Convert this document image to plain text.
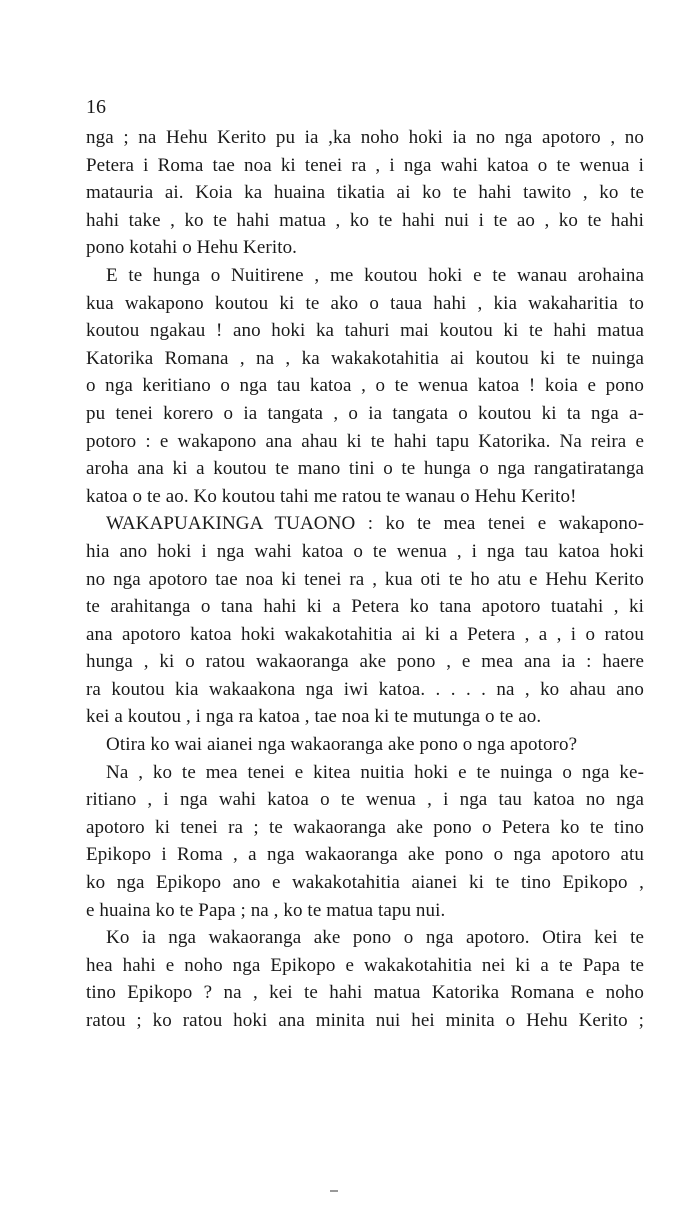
16
nga ; na Hehu Kerito pu ia ,ka noho hoki ia no nga apotoro , no
Petera i Roma tae noa ki tenei ra , i nga wahi katoa o te wenua i
matauria ai. Koia ka huaina tikatia ai ko te hahi tawito , ko te
hahi take , ko te hahi matua , ko te hahi nui i te ao , ko te hahi
pono kotahi o Hehu Kerito.
E te hunga o Nuitirene , me koutou hoki e te wanau arohaina
kua wakapono koutou ki te ako o taua hahi , kia wakaharitia to
koutou ngakau ! ano hoki ka tahuri mai koutou ki te hahi matua
Katorika Romana , na , ka wakakotahitia ai koutou ki te nuinga
o nga keritiano o nga tau katoa , o te wenua katoa ! koia e pono
pu tenei korero o ia tangata , o ia tangata o koutou ki ta nga a-
potoro : e wakapono ana ahau ki te hahi tapu Katorika. Na reira e
aroha ana ki a koutou te mano tini o te hunga o nga rangatiratanga
katoa o te ao. Ko koutou tahi me ratou te wanau o Hehu Kerito!
WAKAPUAKINGA TUAONO : ko te mea tenei e wakapono-
hia ano hoki i nga wahi katoa o te wenua , i nga tau katoa hoki
no nga apotoro tae noa ki tenei ra , kua oti te ho atu e Hehu Kerito
te arahitanga o tana hahi ki a Petera ko tana apotoro tuatahi , ki
ana apotoro katoa hoki wakakotahitia ai ki a Petera , a , i o ratou
hunga , ki o ratou wakaoranga ake pono , e mea ana ia : haere
ra koutou kia wakaakona nga iwi katoa. . . . . na , ko ahau ano
kei a koutou , i nga ra katoa , tae noa ki te mutunga o te ao.
Otira ko wai aianei nga wakaoranga ake pono o nga apotoro?
Na , ko te mea tenei e kitea nuitia hoki e te nuinga o nga ke-
ritiano , i nga wahi katoa o te wenua , i nga tau katoa no nga
apotoro ki tenei ra ; te wakaoranga ake pono o Petera ko te tino
Epikopo i Roma , a nga wakaoranga ake pono o nga apotoro atu
ko nga Epikopo ano e wakakotahitia aianei ki te tino Epikopo ,
e huaina ko te Papa ; na , ko te matua tapu nui.
Ko ia nga wakaoranga ake pono o nga apotoro. Otira kei te
hea hahi e noho nga Epikopo e wakakotahitia nei ki a te Papa te
tino Epikopo ? na , kei te hahi matua Katorika Romana e noho
ratou ; ko ratou hoki ana minita nui hei minita o Hehu Kerito ;
